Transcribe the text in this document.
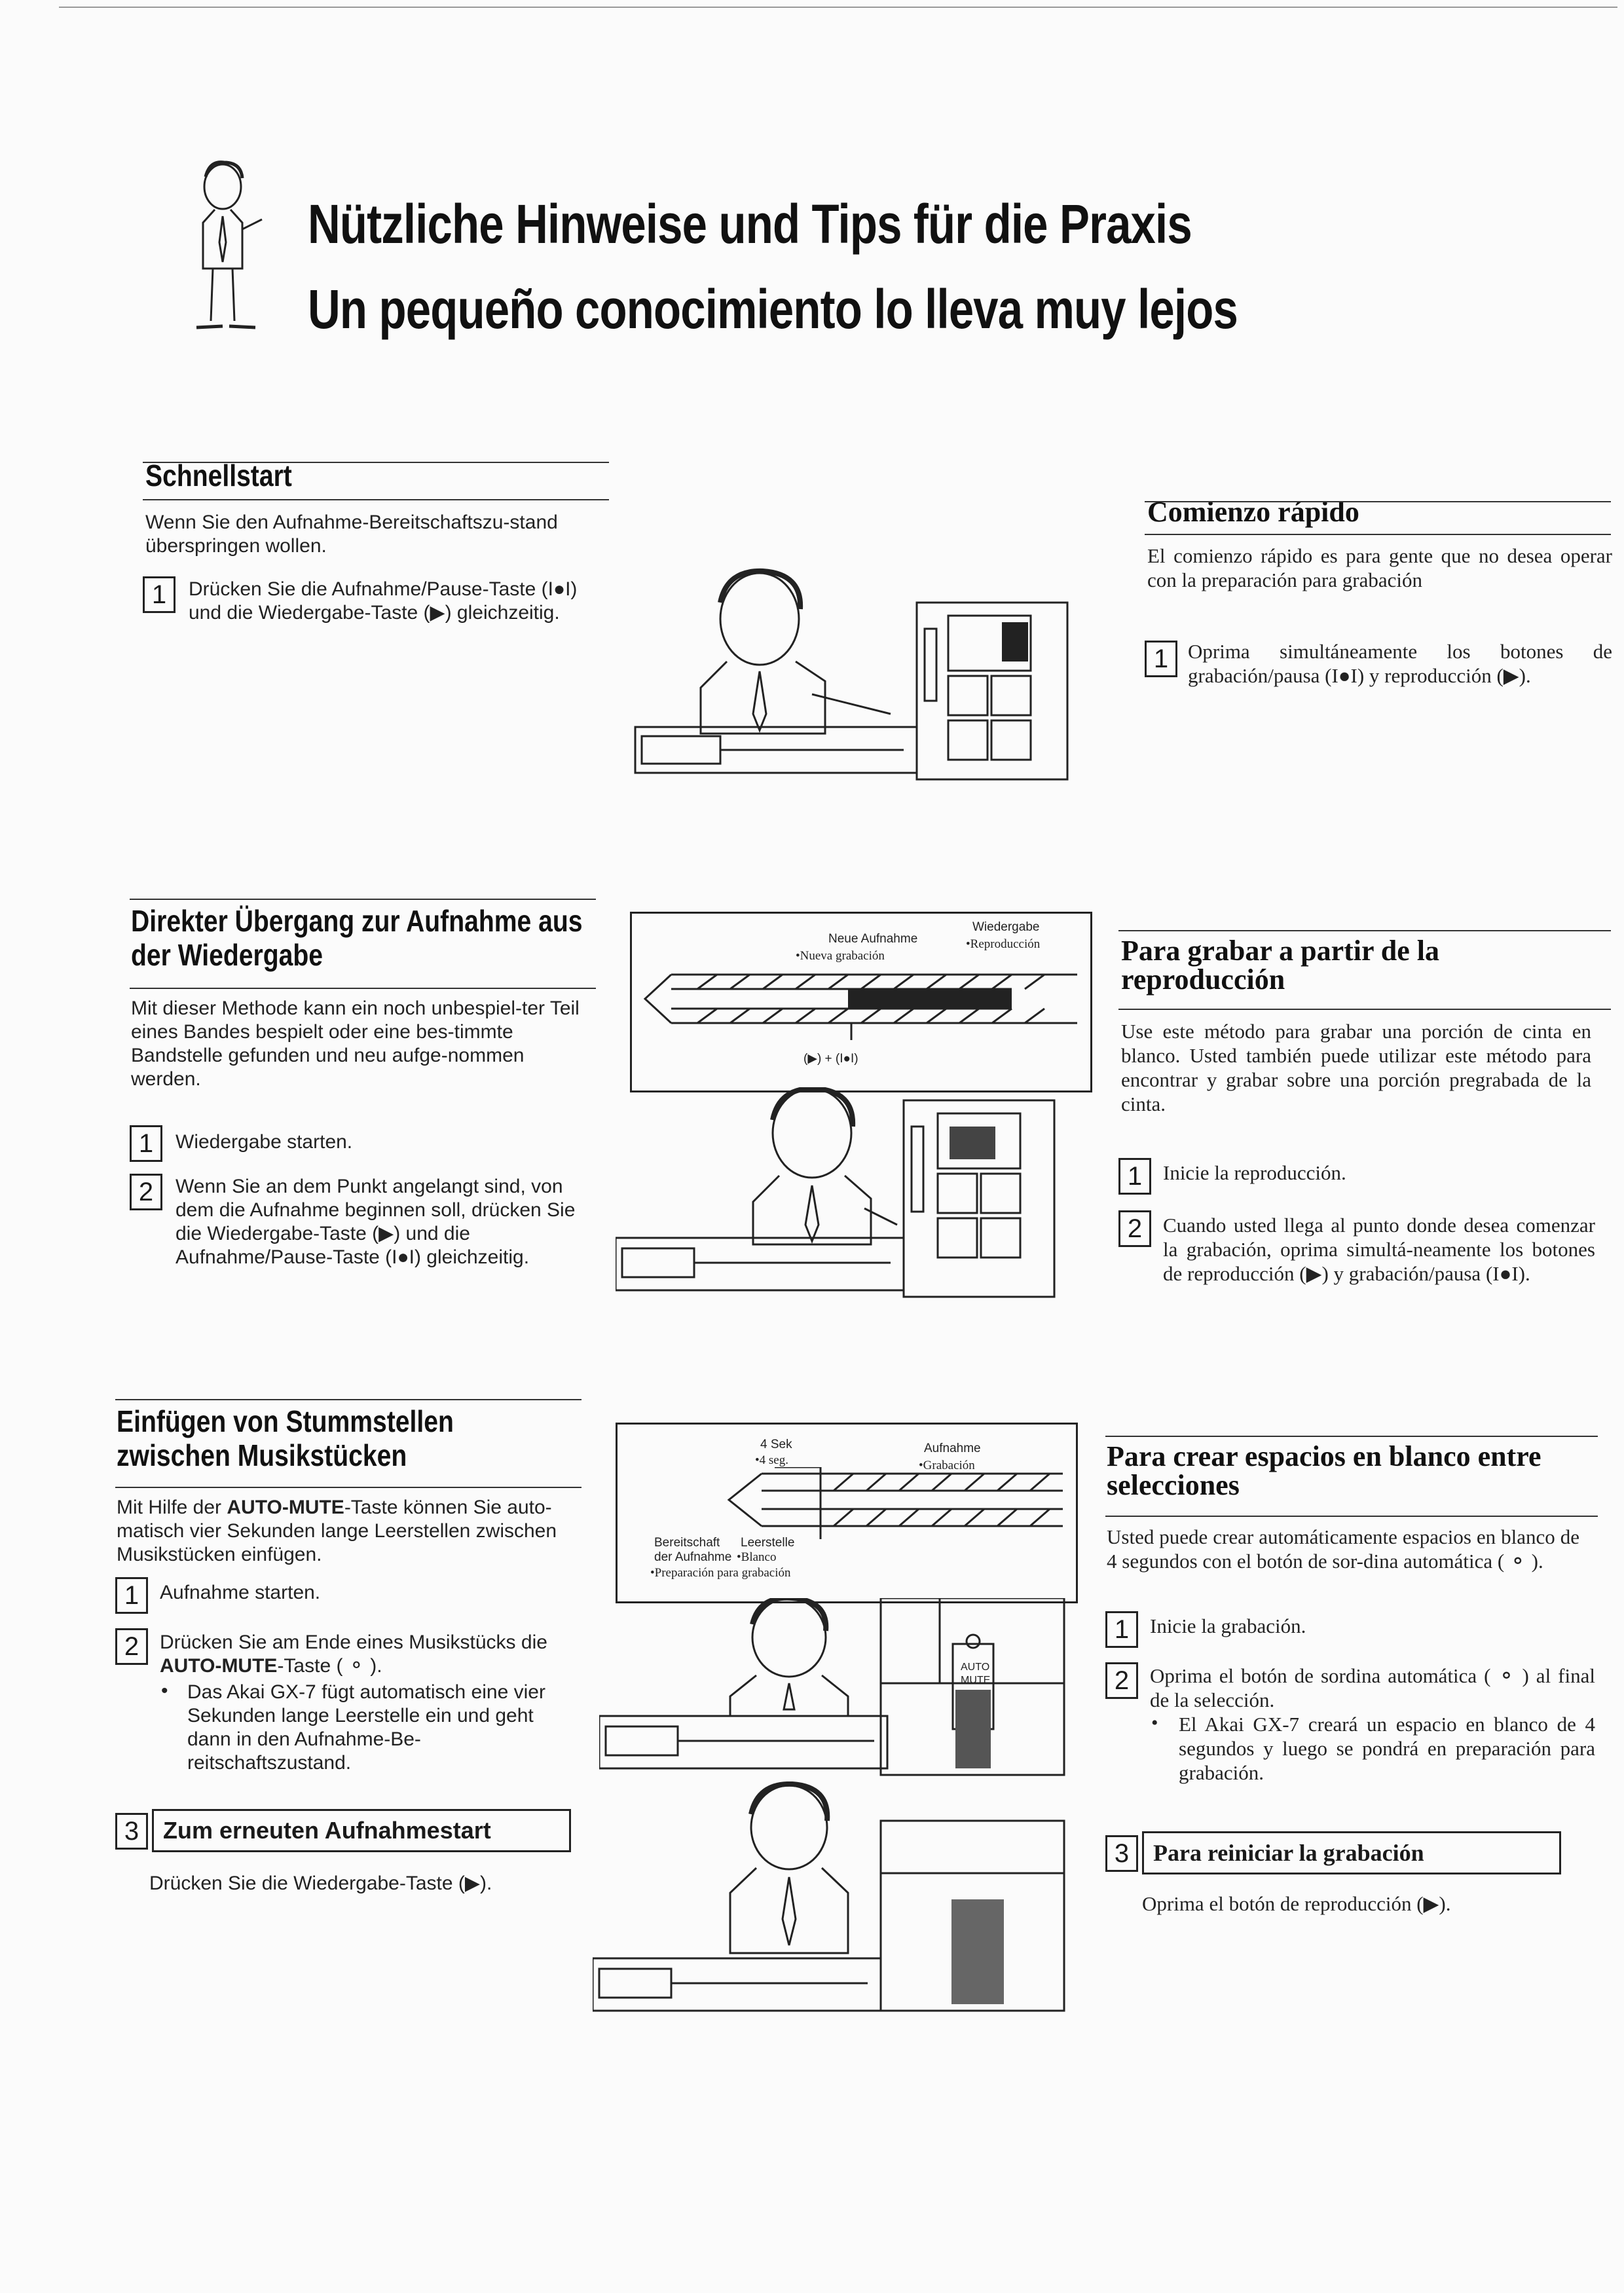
Nützliche Hinweise und Tips für die Praxis
Un pequeño conocimiento lo lleva muy lejos
Schnellstart
Wenn Sie den Aufnahme-Bereitschaftszu-stand überspringen wollen.
1	Drücken Sie die Aufnahme/Pause-Taste (I●I) und die Wiedergabe-Taste (▶) gleichzeitig.
Comienzo rápido
El comienzo rápido es para gente que no desea operar con la preparación para grabación
1 Oprima simultáneamente los botones de grabación/pausa (I●I) y reproducción (▶).
Direkter Übergang zur Aufnahme aus der Wiedergabe
Mit dieser Methode kann ein noch unbespiel-ter Teil eines Bandes bespielt oder eine bes-timmte Bandstelle gefunden und neu aufge-nommen werden.
1	Wiedergabe starten.
2	Wenn Sie an dem Punkt angelangt sind, von dem die Aufnahme beginnen soll, drücken Sie die Wiedergabe-Taste (▶) und die Aufnahme/Pause-Taste (I●I) gleichzeitig.
Neue Aufnahme
•Nueva grabación
Wiedergabe
•Reproducción
(▶) + (I●I)
Para grabar a partir de la reproducción
Use este método para grabar una porción de cinta en blanco. Usted también puede utilizar este método para encontrar y grabar sobre una porción pregrabada de la cinta.
1	Inicie la reproducción.
2	Cuando usted llega al punto donde desea comenzar la grabación, oprima simultá-neamente los botones de reproducción (▶) y grabación/pausa (I●I).
Einfügen von Stummstellen zwischen Musikstücken
Mit Hilfe der AUTO-MUTE-Taste können Sie auto-matisch vier Sekunden lange Leerstellen zwischen Musikstücken einfügen.
1	Aufnahme starten.
2	Drücken Sie am Ende eines Musikstücks die AUTO-MUTE-Taste ( ⚬ ).
• Das Akai GX-7 fügt automatisch eine vier Sekunden lange Leerstelle ein und geht dann in den Aufnahme-Be-reitschaftszustand.
3	Zum erneuten Aufnahmestart
Drücken Sie die Wiedergabe-Taste (▶).
4 Sek
•4 seg.
Aufnahme
•Grabación
Bereitschaft Leerstelle
der Aufnahme •Blanco
•Preparación para grabación
AUTO
MUTE
Para crear espacios en blanco entre selecciones
Usted puede crear automáticamente espacios en blanco de 4 segundos con el botón de sor-dina automática ( ⚬ ).
1	Inicie la grabación.
2	Oprima el botón de sordina automática ( ⚬ ) al final de la selección.
• El Akai GX-7 creará un espacio en blanco de 4 segundos y luego se pondrá en preparación para grabación.
3	Para reiniciar la grabación
Oprima el botón de reproducción (▶).
